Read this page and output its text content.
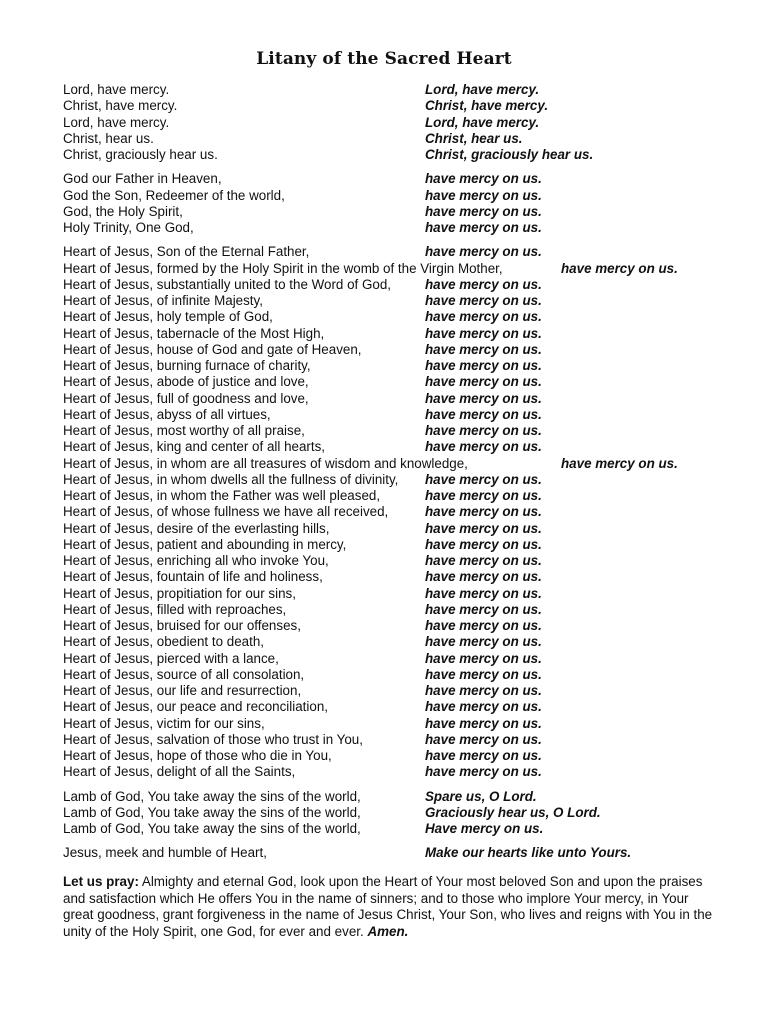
Litany of the Sacred Heart
Lord, have mercy.	Lord, have mercy.
Christ, have mercy.	Christ, have mercy.
Lord, have mercy.	Lord, have mercy.
Christ, hear us.	Christ, hear us.
Christ, graciously hear us.	Christ, graciously hear us.
God our Father in Heaven,	have mercy on us.
God the Son, Redeemer of the world,	have mercy on us.
God, the Holy Spirit,	have mercy on us.
Holy Trinity, One God,	have mercy on us.
Heart of Jesus, Son of the Eternal Father,	have mercy on us.
Heart of Jesus, formed by the Holy Spirit in the womb of the Virgin Mother,	have mercy on us.
Heart of Jesus, substantially united to the Word of God,	have mercy on us.
Heart of Jesus, of infinite Majesty,	have mercy on us.
Heart of Jesus, holy temple of God,	have mercy on us.
Heart of Jesus, tabernacle of the Most High,	have mercy on us.
Heart of Jesus, house of God and gate of Heaven,	have mercy on us.
Heart of Jesus, burning furnace of charity,	have mercy on us.
Heart of Jesus, abode of justice and love,	have mercy on us.
Heart of Jesus, full of goodness and love,	have mercy on us.
Heart of Jesus, abyss of all virtues,	have mercy on us.
Heart of Jesus, most worthy of all praise,	have mercy on us.
Heart of Jesus, king and center of all hearts,	have mercy on us.
Heart of Jesus, in whom are all treasures of wisdom and knowledge,	have mercy on us.
Heart of Jesus, in whom dwells all the fullness of divinity, have mercy on us.
Heart of Jesus, in whom the Father was well pleased,	have mercy on us.
Heart of Jesus, of whose fullness we have all received,	have mercy on us.
Heart of Jesus, desire of the everlasting hills,	have mercy on us.
Heart of Jesus, patient and abounding in mercy,	have mercy on us.
Heart of Jesus, enriching all who invoke You,	have mercy on us.
Heart of Jesus, fountain of life and holiness,	have mercy on us.
Heart of Jesus, propitiation for our sins,	have mercy on us.
Heart of Jesus, filled with reproaches,	have mercy on us.
Heart of Jesus, bruised for our offenses,	have mercy on us.
Heart of Jesus, obedient to death,	have mercy on us.
Heart of Jesus, pierced with a lance,	have mercy on us.
Heart of Jesus, source of all consolation,	have mercy on us.
Heart of Jesus, our life and resurrection,	have mercy on us.
Heart of Jesus, our peace and reconciliation,	have mercy on us.
Heart of Jesus, victim for our sins,	have mercy on us.
Heart of Jesus, salvation of those who trust in You,	have mercy on us.
Heart of Jesus, hope of those who die in You,	have mercy on us.
Heart of Jesus, delight of all the Saints,	have mercy on us.
Lamb of God, You take away the sins of the world,	Spare us, O Lord.
Lamb of God, You take away the sins of the world,	Graciously hear us, O Lord.
Lamb of God, You take away the sins of the world,	Have mercy on us.
Jesus, meek and humble of Heart,	Make our hearts like unto Yours.
Let us pray: Almighty and eternal God, look upon the Heart of Your most beloved Son and upon the praises and satisfaction which He offers You in the name of sinners; and to those who implore Your mercy, in Your great goodness, grant forgiveness in the name of Jesus Christ, Your Son, who lives and reigns with You in the unity of the Holy Spirit, one God, for ever and ever. Amen.
